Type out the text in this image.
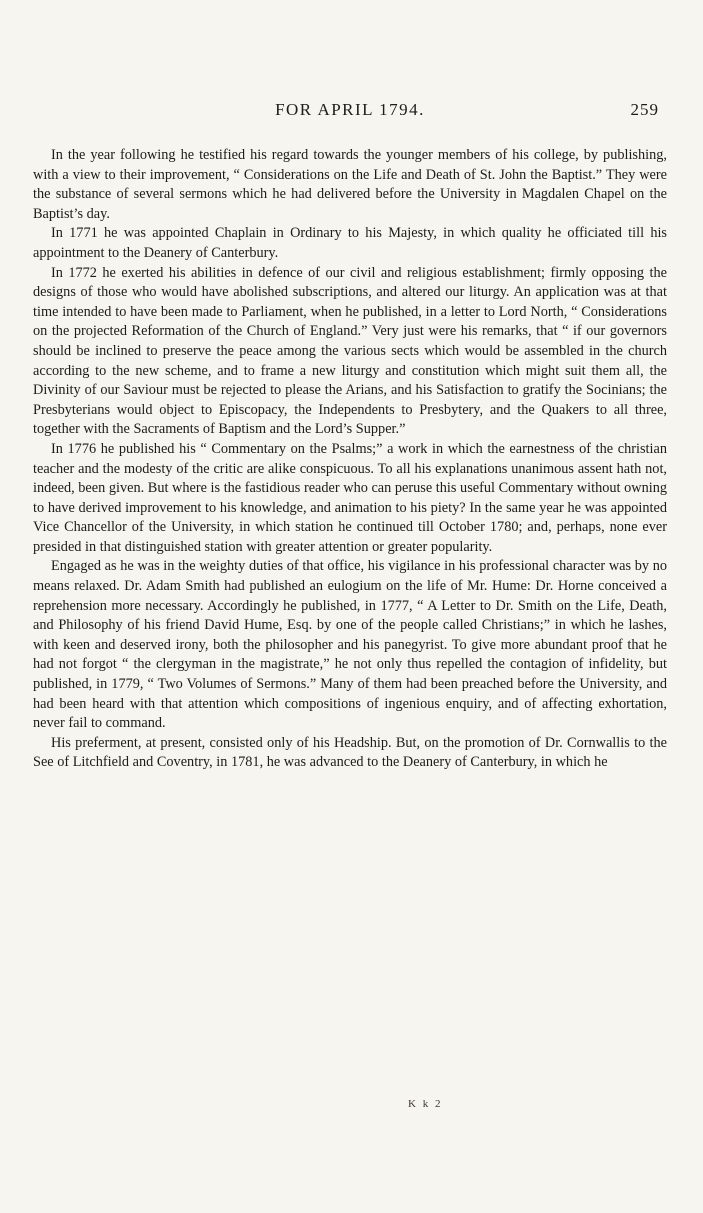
FOR APRIL 1794.	259

In the year following he testified his regard towards the younger members of his college, by publishing, with a view to their improvement, “ Considerations on the Life and Death of St. John the Baptist.” They were the substance of several sermons which he had delivered before the University in Magdalen Chapel on the Baptist’s day.

In 1771 he was appointed Chaplain in Ordinary to his Majesty, in which quality he officiated till his appointment to the Deanery of Canterbury.

In 1772 he exerted his abilities in defence of our civil and religious establishment; firmly opposing the designs of those who would have abolished subscriptions, and altered our liturgy. An application was at that time intended to have been made to Parliament, when he published, in a letter to Lord North, “ Considerations on the projected Reformation of the Church of England.” Very just were his remarks, that “ if our governors should be inclined to preserve the peace among the various sects which would be assembled in the church according to the new scheme, and to frame a new liturgy and constitution which might suit them all, the Divinity of our Saviour must be rejected to please the Arians, and his Satisfaction to gratify the Socinians; the Presbyterians would object to Episcopacy, the Independents to Presbytery, and the Quakers to all three, together with the Sacraments of Baptism and the Lord’s Supper.”

In 1776 he published his “ Commentary on the Psalms;” a work in which the earnestness of the christian teacher and the modesty of the critic are alike conspicuous. To all his explanations unanimous assent hath not, indeed, been given. But where is the fastidious reader who can peruse this useful Commentary without owning to have derived improvement to his knowledge, and animation to his piety? In the same year he was appointed Vice Chancellor of the University, in which station he continued till October 1780; and, perhaps, none ever presided in that distinguished station with greater attention or greater popularity.

Engaged as he was in the weighty duties of that office, his vigilance in his professional character was by no means relaxed. Dr. Adam Smith had published an eulogium on the life of Mr. Hume: Dr. Horne conceived a reprehension more necessary. Accordingly he published, in 1777, “ A Letter to Dr. Smith on the Life, Death, and Philosophy of his friend David Hume, Esq. by one of the people called Christians;” in which he lashes, with keen and deserved irony, both the philosopher and his panegyrist. To give more abundant proof that he had not forgot “ the clergyman in the magistrate,” he not only thus repelled the contagion of infidelity, but published, in 1779, “ Two Volumes of Sermons.” Many of them had been preached before the University, and had been heard with that attention which compositions of ingenious enquiry, and of affecting exhortation, never fail to command.

His preferment, at present, consisted only of his Headship. But, on the promotion of Dr. Cornwallis to the See of Litchfield and Coventry, in 1781, he was advanced to the Deanery of Canterbury, in which he

K k 2
